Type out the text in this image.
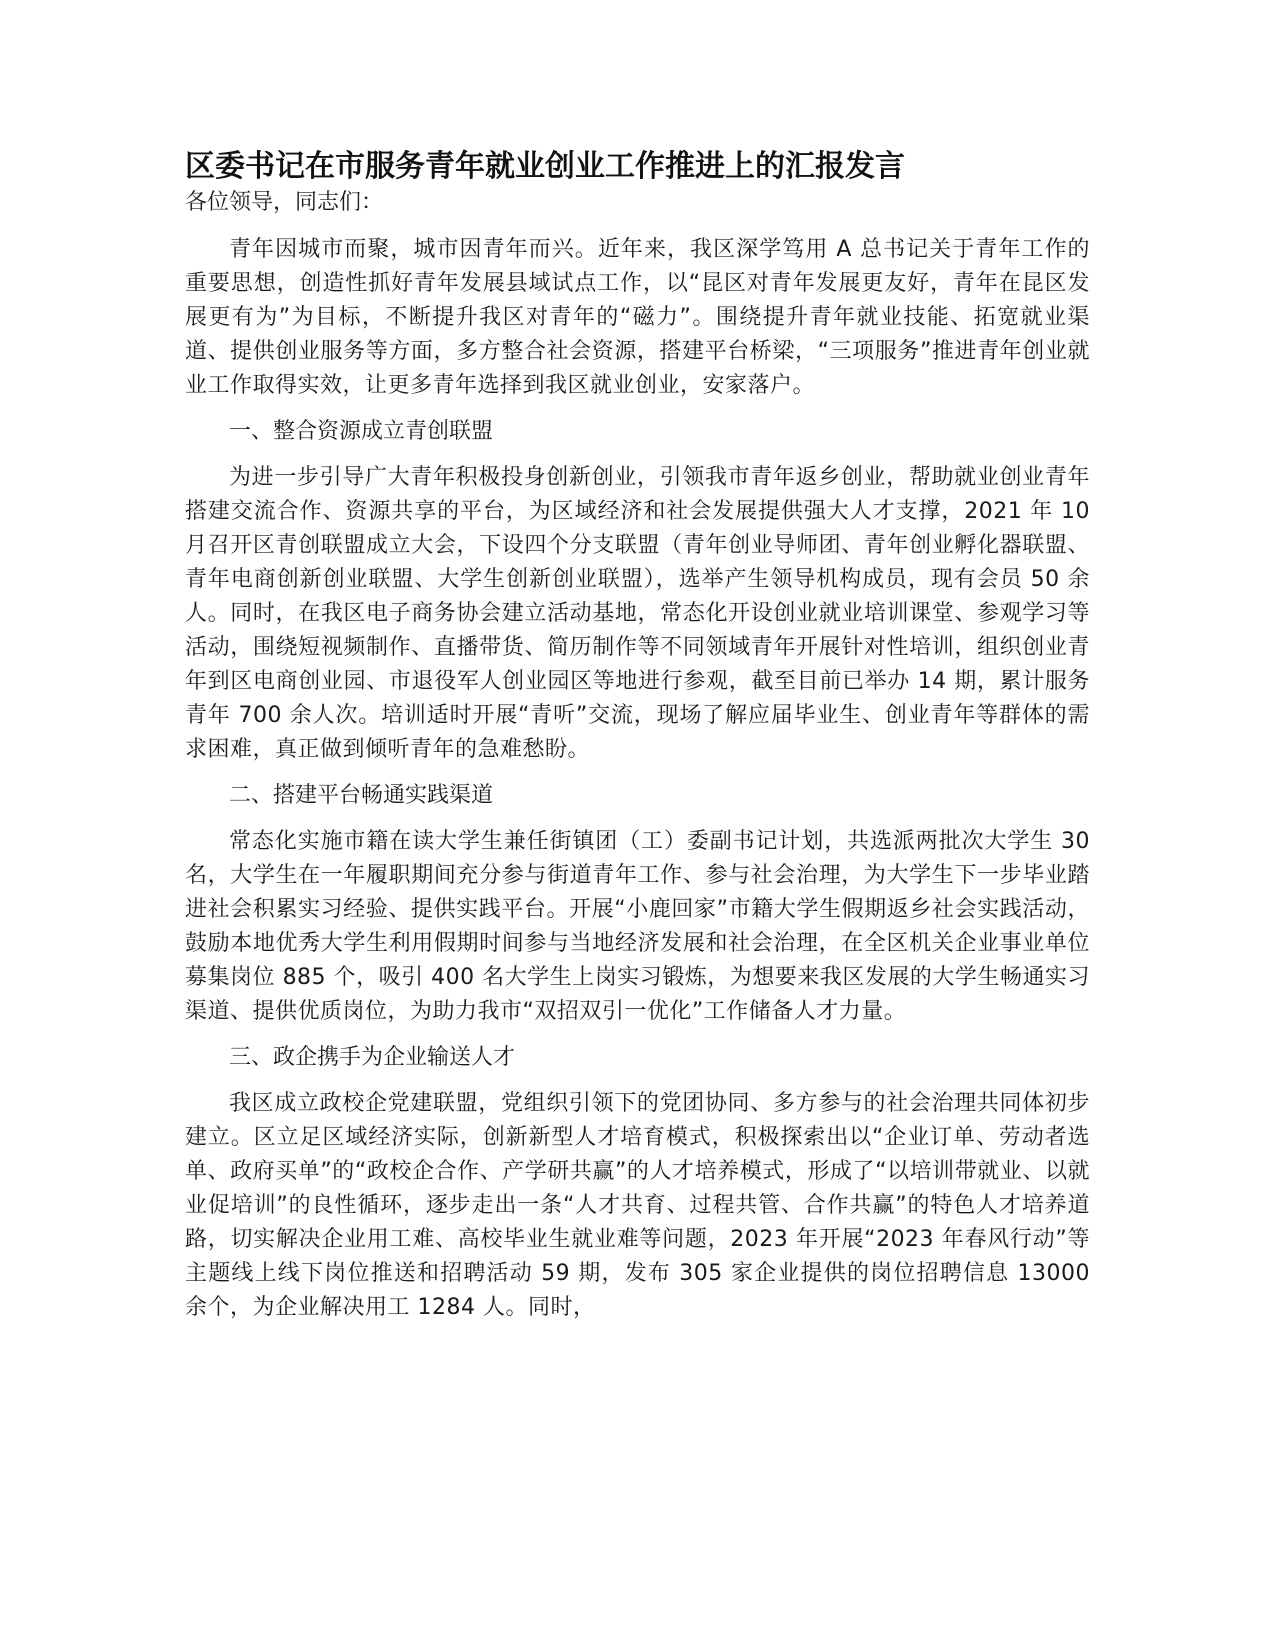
区委书记在市服务青年就业创业工作推进上的汇报发言

各位领导，同志们：

青年因城市而聚，城市因青年而兴。近年来，我区深学笃用 A 总书记关于青年工作的重要思想，创造性抓好青年发展县域试点工作，以“昆区对青年发展更友好，青年在昆区发展更有为”为目标，不断提升我区对青年的“磁力”。围绕提升青年就业技能、拓宽就业渠道、提供创业服务等方面，多方整合社会资源，搭建平台桥梁，“三项服务”推进青年创业就业工作取得实效，让更多青年选择到我区就业创业，安家落户。

一、整合资源成立青创联盟

为进一步引导广大青年积极投身创新创业，引领我市青年返乡创业，帮助就业创业青年搭建交流合作、资源共享的平台，为区域经济和社会发展提供强大人才支撑，2021 年 10 月召开区青创联盟成立大会，下设四个分支联盟（青年创业导师团、青年创业孵化器联盟、青年电商创新创业联盟、大学生创新创业联盟），选举产生领导机构成员，现有会员 50 余人。同时，在我区电子商务协会建立活动基地，常态化开设创业就业培训课堂、参观学习等活动，围绕短视频制作、直播带货、简历制作等不同领域青年开展针对性培训，组织创业青年到区电商创业园、市退役军人创业园区等地进行参观，截至目前已举办 14 期，累计服务青年 700 余人次。培训适时开展“青听”交流，现场了解应届毕业生、创业青年等群体的需求困难，真正做到倾听青年的急难愁盼。

二、搭建平台畅通实践渠道

常态化实施市籍在读大学生兼任街镇团（工）委副书记计划，共选派两批次大学生 30 名，大学生在一年履职期间充分参与街道青年工作、参与社会治理，为大学生下一步毕业踏进社会积累实习经验、提供实践平台。开展“小鹿回家”市籍大学生假期返乡社会实践活动，鼓励本地优秀大学生利用假期时间参与当地经济发展和社会治理，在全区机关企业事业单位募集岗位 885 个，吸引 400 名大学生上岗实习锻炼，为想要来我区发展的大学生畅通实习渠道、提供优质岗位，为助力我市“双招双引一优化”工作储备人才力量。

三、政企携手为企业输送人才

我区成立政校企党建联盟，党组织引领下的党团协同、多方参与的社会治理共同体初步建立。区立足区域经济实际，创新新型人才培育模式，积极探索出以“企业订单、劳动者选单、政府买单”的“政校企合作、产学研共赢”的人才培养模式，形成了“以培训带就业、以就业促培训”的良性循环，逐步走出一条“人才共育、过程共管、合作共赢”的特色人才培养道路，切实解决企业用工难、高校毕业生就业难等问题，2023 年开展“2023 年春风行动”等主题线上线下岗位推送和招聘活动 59 期，发布 305 家企业提供的岗位招聘信息 13000 余个，为企业解决用工 1284 人。同时，
